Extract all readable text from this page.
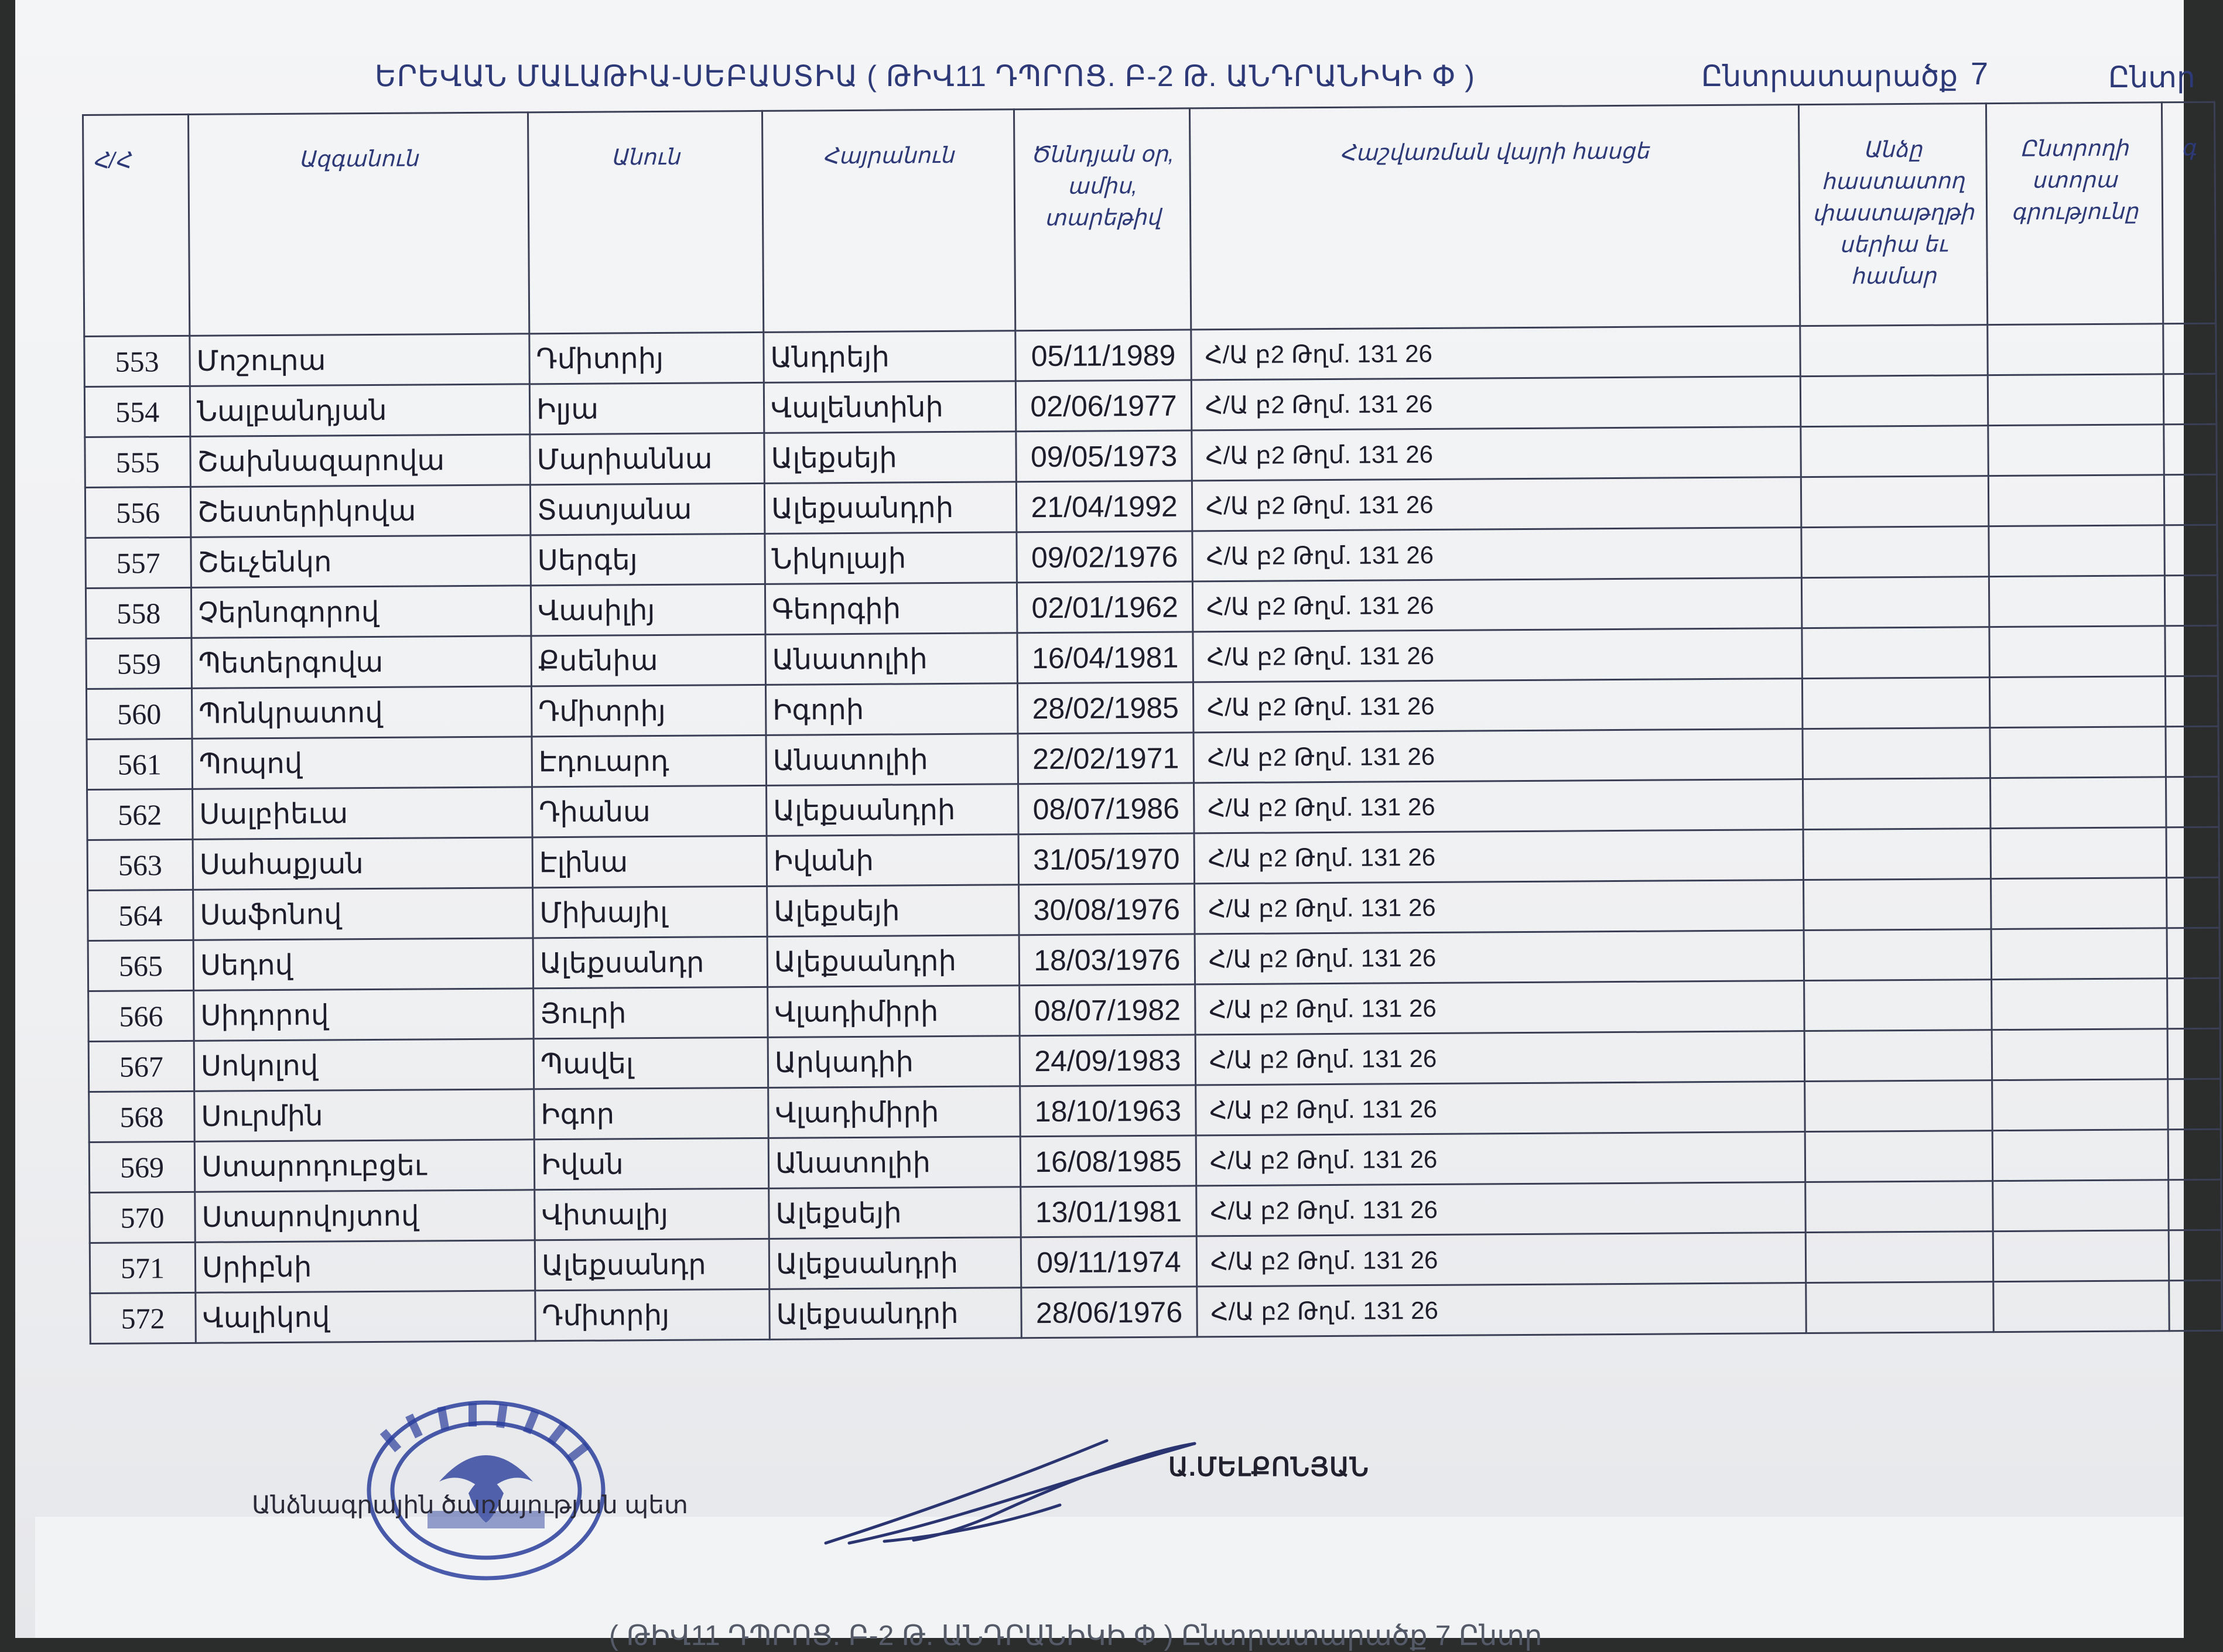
ԵՐԵՎԱՆ ՄԱԼԱԹԻԱ-ՍԵԲԱՍՏԻԱ ( ԹԻՎ11 ԴՊՐՈՑ. Բ-2 Թ. ԱՆԴՐԱՆԻԿԻ Փ )	Ընտրատարածք 7	Ընտր
Հ/Հ	Ազգանուն	Անուն	Հայրանուն	Ծննդյան օր, ամիս, տարեթիվ	Հաշվառման վայրի հասցե	Անձը հաստատող փաստաթղթի սերիա եւ համար	Ընտրողի ստորա գրությունը	գ
553	Մոշուրա	Դմիտրիյ	Անդրեյի	05/11/1989	Հ/Ա բ2 Թղմ. 131 26			
554	Նալբանդյան	Իլյա	Վալենտինի	02/06/1977	Հ/Ա բ2 Թղմ. 131 26			
555	Շախնազարովա	Մարիաննա	Ալեքսեյի	09/05/1973	Հ/Ա բ2 Թղմ. 131 26			
556	Շեստերիկովա	Տատյանա	Ալեքսանդրի	21/04/1992	Հ/Ա բ2 Թղմ. 131 26			
557	Շեւչենկո	Սերգեյ	Նիկոլայի	09/02/1976	Հ/Ա բ2 Թղմ. 131 26			
558	Չերնոգորով	Վասիլիյ	Գեորգիի	02/01/1962	Հ/Ա բ2 Թղմ. 131 26			
559	Պետերգովա	Քսենիա	Անատոլիի	16/04/1981	Հ/Ա բ2 Թղմ. 131 26			
560	Պոնկրատով	Դմիտրիյ	Իգորի	28/02/1985	Հ/Ա բ2 Թղմ. 131 26			
561	Պոպով	Էդուարդ	Անատոլիի	22/02/1971	Հ/Ա բ2 Թղմ. 131 26			
562	Սալբիեւա	Դիանա	Ալեքսանդրի	08/07/1986	Հ/Ա բ2 Թղմ. 131 26			
563	Սահաքյան	Էլինա	Իվանի	31/05/1970	Հ/Ա բ2 Թղմ. 131 26			
564	Սաֆոնով	Միխայիլ	Ալեքսեյի	30/08/1976	Հ/Ա բ2 Թղմ. 131 26			
565	Սեդով	Ալեքսանդր	Ալեքսանդրի	18/03/1976	Հ/Ա բ2 Թղմ. 131 26			
566	Սիդորով	Յուրի	Վլադիմիրի	08/07/1982	Հ/Ա բ2 Թղմ. 131 26			
567	Սոկոլով	Պավել	Արկադիի	24/09/1983	Հ/Ա բ2 Թղմ. 131 26			
568	Սուրմին	Իգոր	Վլադիմիրի	18/10/1963	Հ/Ա բ2 Թղմ. 131 26			
569	Ստարոդուբցեւ	Իվան	Անատոլիի	16/08/1985	Հ/Ա բ2 Թղմ. 131 26			
570	Ստարովոյտով	Վիտալիյ	Ալեքսեյի	13/01/1981	Հ/Ա բ2 Թղմ. 131 26			
571	Սրիբնի	Ալեքսանդր	Ալեքսանդրի	09/11/1974	Հ/Ա բ2 Թղմ. 131 26			
572	Վալիկով	Դմիտրիյ	Ալեքսանդրի	28/06/1976	Հ/Ա բ2 Թղմ. 131 26			
Անձնագրային ծառայության պետ
Ա.ՄԵԼՔՈՆՅԱՆ
( ԹԻՎ11 ԴՊՐՈՑ. Բ-2 Թ. ԱՆԴՐԱՆԻԿԻ Փ ) Ընտրատարածք 7 Ընտր
